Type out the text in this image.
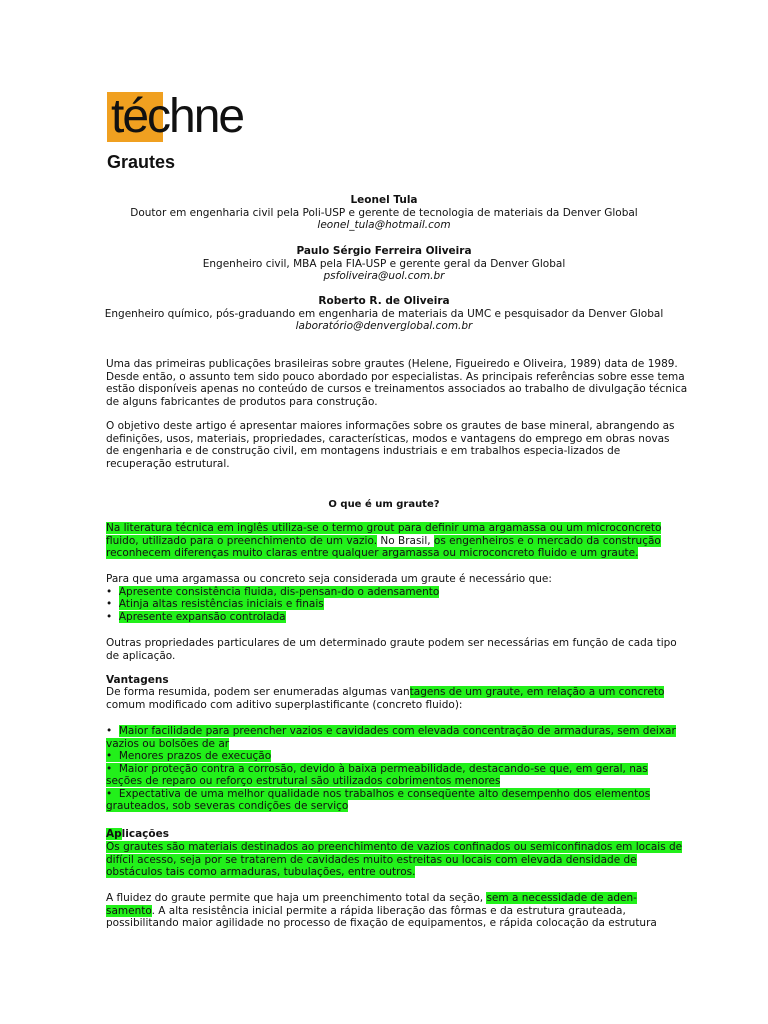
téchne
Grautes
Leonel Tula
Doutor em engenharia civil pela Poli-USP e gerente de tecnologia de materiais da Denver Global
leonel_tula@hotmail.com
Paulo Sérgio Ferreira Oliveira
Engenheiro civil, MBA pela FIA-USP e gerente geral da Denver Global
psfoliveira@uol.com.br
Roberto R. de Oliveira
Engenheiro químico, pós-graduando em engenharia de materiais da UMC e pesquisador da Denver Global
laboratório@denverglobal.com.br
Uma das primeiras publicações brasileiras sobre grautes (Helene, Figueiredo e Oliveira, 1989) data de 1989.
Desde então, o assunto tem sido pouco abordado por especialistas. As principais referências sobre esse tema
estão disponíveis apenas no conteúdo de cursos e treinamentos associados ao trabalho de divulgação técnica
de alguns fabricantes de produtos para construção.
O objetivo deste artigo é apresentar maiores informações sobre os grautes de base mineral, abrangendo as
definições, usos, materiais, propriedades, características, modos e vantagens do emprego em obras novas
de engenharia e de construção civil, em montagens industriais e em trabalhos especia-lizados de
recuperação estrutural.
O que é um graute?
Na literatura técnica em inglês utiliza-se o termo grout para definir uma argamassa ou um microconcreto
fluido, utilizado para o preenchimento de um vazio. No Brasil, os engenheiros e o mercado da construção
reconhecem diferenças muito claras entre qualquer argamassa ou microconcreto fluido e um graute.
Para que uma argamassa ou concreto seja considerada um graute é necessário que:
•  Apresente consistência fluida, dis-pensan-do o adensamento
•  Atinja altas resistências iniciais e finais
•  Apresente expansão controlada
Outras propriedades particulares de um determinado graute podem ser necessárias em função de cada tipo
de aplicação.
Vantagens
De forma resumida, podem ser enumeradas algumas vantagens de um graute, em relação a um concreto
comum modificado com aditivo superplastificante (concreto fluido):
•  Maior facilidade para preencher vazios e cavidades com elevada concentração de armaduras, sem deixar
vazios ou bolsões de ar
•  Menores prazos de execução
•  Maior proteção contra a corrosão, devido à baixa permeabilidade, destacando-se que, em geral, nas
seções de reparo ou reforço estrutural são utilizados cobrimentos menores
•  Expectativa de uma melhor qualidade nos trabalhos e conseqüente alto desempenho dos elementos
grauteados, sob severas condições de serviço
Aplicações
Os grautes são materiais destinados ao preenchimento de vazios confinados ou semiconfinados em locais de
difícil acesso, seja por se tratarem de cavidades muito estreitas ou locais com elevada densidade de
obstáculos tais como armaduras, tubulações, entre outros.
A fluidez do graute permite que haja um preenchimento total da seção, sem a necessidade de aden-
samento. A alta resistência inicial permite a rápida liberação das fôrmas e da estrutura grauteada,
possibilitando maior agilidade no processo de fixação de equipamentos, e rápida colocação da estrutura
